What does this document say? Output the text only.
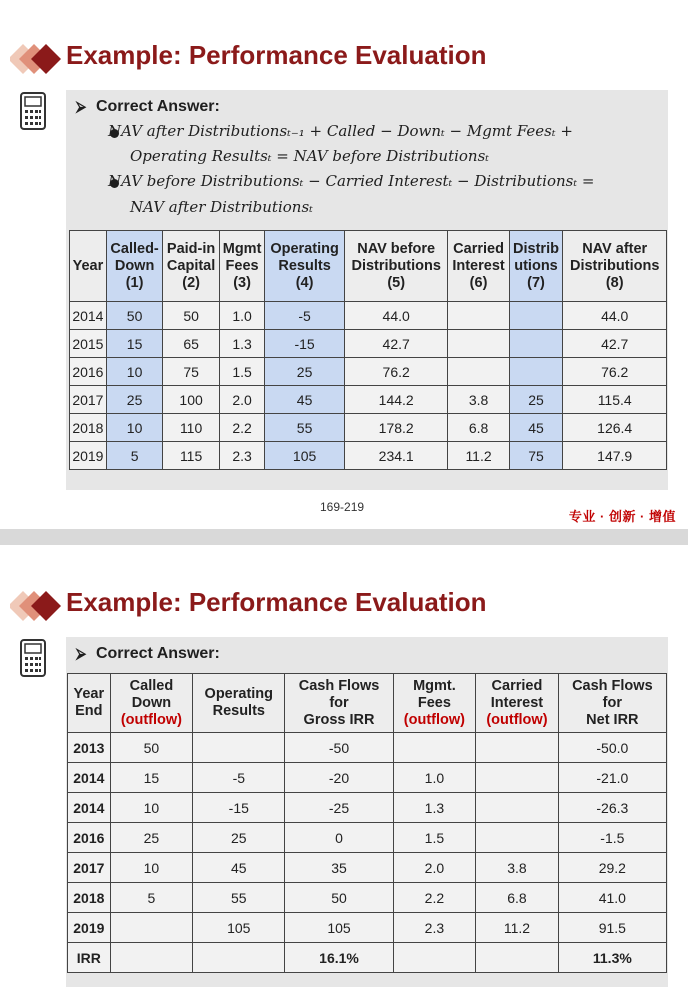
Example: Performance Evaluation
⮚ Correct Answer:
NAV after Distributionsₜ₋₁ + Called − Downₜ − Mgmt Feesₜ +
Operating Resultsₜ = NAV before Distributionsₜ
NAV before Distributionsₜ − Carried Interestₜ − Distributionsₜ =
NAV after Distributionsₜ
Year	Called-
Down
(1)	Paid-in
Capital
(2)	Mgmt
Fees
(3)	Operating
Results
(4)	NAV before
Distributions
(5)	Carried
Interest
(6)	Distrib
utions
(7)	NAV after
Distributions
(8)
2014	50	50	1.0	-5	44.0			44.0
2015	15	65	1.3	-15	42.7			42.7
2016	10	75	1.5	25	76.2			76.2
2017	25	100	2.0	45	144.2	3.8	25	115.4
2018	10	110	2.2	55	178.2	6.8	45	126.4
2019	5	115	2.3	105	234.1	11.2	75	147.9
169-219
专业 · 创新 · 增值
Example: Performance Evaluation
⮚ Correct Answer:
Year
End	Called
Down
(outflow)	Operating
Results	Cash Flows
for
Gross IRR	Mgmt.
Fees
(outflow)	Carried
Interest
(outflow)	Cash Flows
for
Net IRR
2013	50		-50			-50.0
2014	15	-5	-20	1.0		-21.0
2014	10	-15	-25	1.3		-26.3
2016	25	25	0	1.5		-1.5
2017	10	45	35	2.0	3.8	29.2
2018	5	55	50	2.2	6.8	41.0
2019		105	105	2.3	11.2	91.5
IRR			16.1%			11.3%
